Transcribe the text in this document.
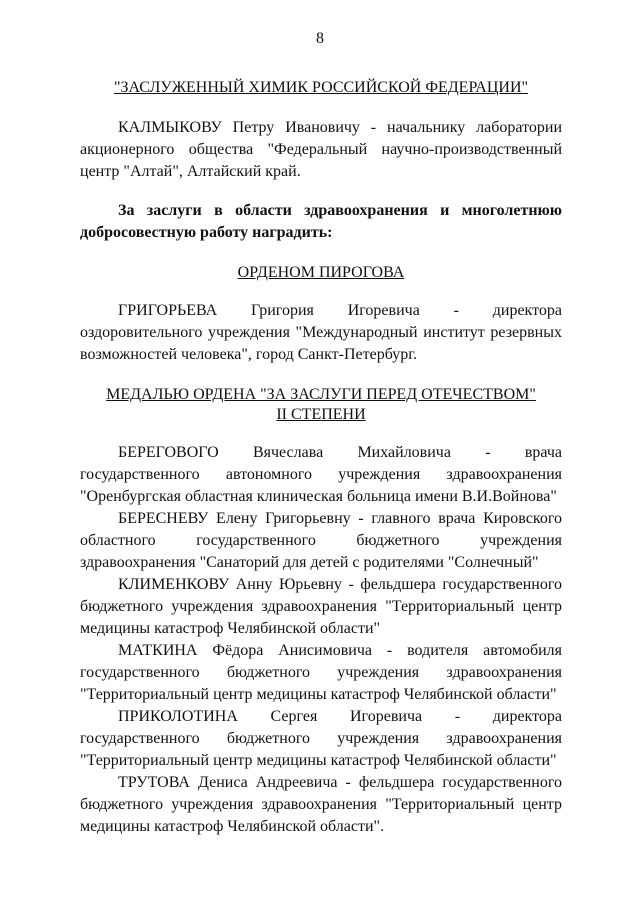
8
"ЗАСЛУЖЕННЫЙ ХИМИК РОССИЙСКОЙ ФЕДЕРАЦИИ"
КАЛМЫКОВУ Петру Ивановичу - начальнику лаборатории акционерного общества "Федеральный научно-производственный центр "Алтай", Алтайский край.
За заслуги в области здравоохранения и многолетнюю добросовестную работу наградить:
ОРДЕНОМ ПИРОГОВА
ГРИГОРЬЕВА Григория Игоревича - директора оздоровительного учреждения "Международный институт резервных возможностей человека", город Санкт-Петербург.
МЕДАЛЬЮ ОРДЕНА "ЗА ЗАСЛУГИ ПЕРЕД ОТЕЧЕСТВОМ"
II СТЕПЕНИ
БЕРЕГОВОГО Вячеслава Михайловича - врача государственного автономного учреждения здравоохранения "Оренбургская областная клиническая больница имени В.И.Войнова"
БЕРЕСНЕВУ Елену Григорьевну - главного врача Кировского областного государственного бюджетного учреждения здравоохранения "Санаторий для детей с родителями "Солнечный"
КЛИМЕНКОВУ Анну Юрьевну - фельдшера государственного бюджетного учреждения здравоохранения "Территориальный центр медицины катастроф Челябинской области"
МАТКИНА Фёдора Анисимовича - водителя автомобиля государственного бюджетного учреждения здравоохранения "Территориальный центр медицины катастроф Челябинской области"
ПРИКОЛОТИНА Сергея Игоревича - директора государственного бюджетного учреждения здравоохранения "Территориальный центр медицины катастроф Челябинской области"
ТРУТОВА Дениса Андреевича - фельдшера государственного бюджетного учреждения здравоохранения "Территориальный центр медицины катастроф Челябинской области".
